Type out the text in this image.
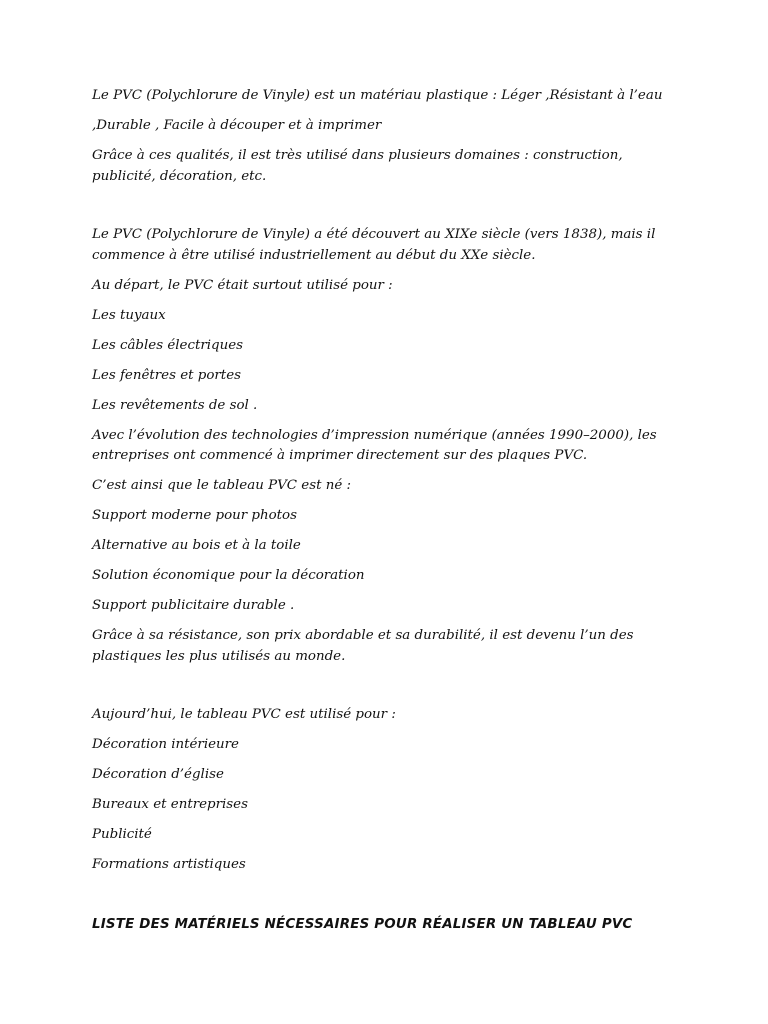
Le PVC (Polychlorure de Vinyle) est un matériau plastique : Léger ,Résistant à l’eau

,Durable , Facile à découper et à imprimer

Grâce à ces qualités, il est très utilisé dans plusieurs domaines : construction, publicité, décoration, etc.

Le PVC (Polychlorure de Vinyle) a été découvert au XIXe siècle (vers 1838), mais il commence à être utilisé industriellement au début du XXe siècle.

Au départ, le PVC était surtout utilisé pour :

Les tuyaux

Les câbles électriques

Les fenêtres et portes

Les revêtements de sol .

Avec l’évolution des technologies d’impression numérique (années 1990–2000), les entreprises ont commencé à imprimer directement sur des plaques PVC.

C’est ainsi que le tableau PVC est né :

Support moderne pour photos

Alternative au bois et à la toile

Solution économique pour la décoration

Support publicitaire durable .

Grâce à sa résistance, son prix abordable et sa durabilité, il est devenu l’un des plastiques les plus utilisés au monde.

Aujourd’hui, le tableau PVC est utilisé pour :

Décoration intérieure

Décoration d’église

Bureaux et entreprises

Publicité

Formations artistiques

LISTE DES MATÉRIELS NÉCESSAIRES POUR RÉALISER UN TABLEAU PVC
